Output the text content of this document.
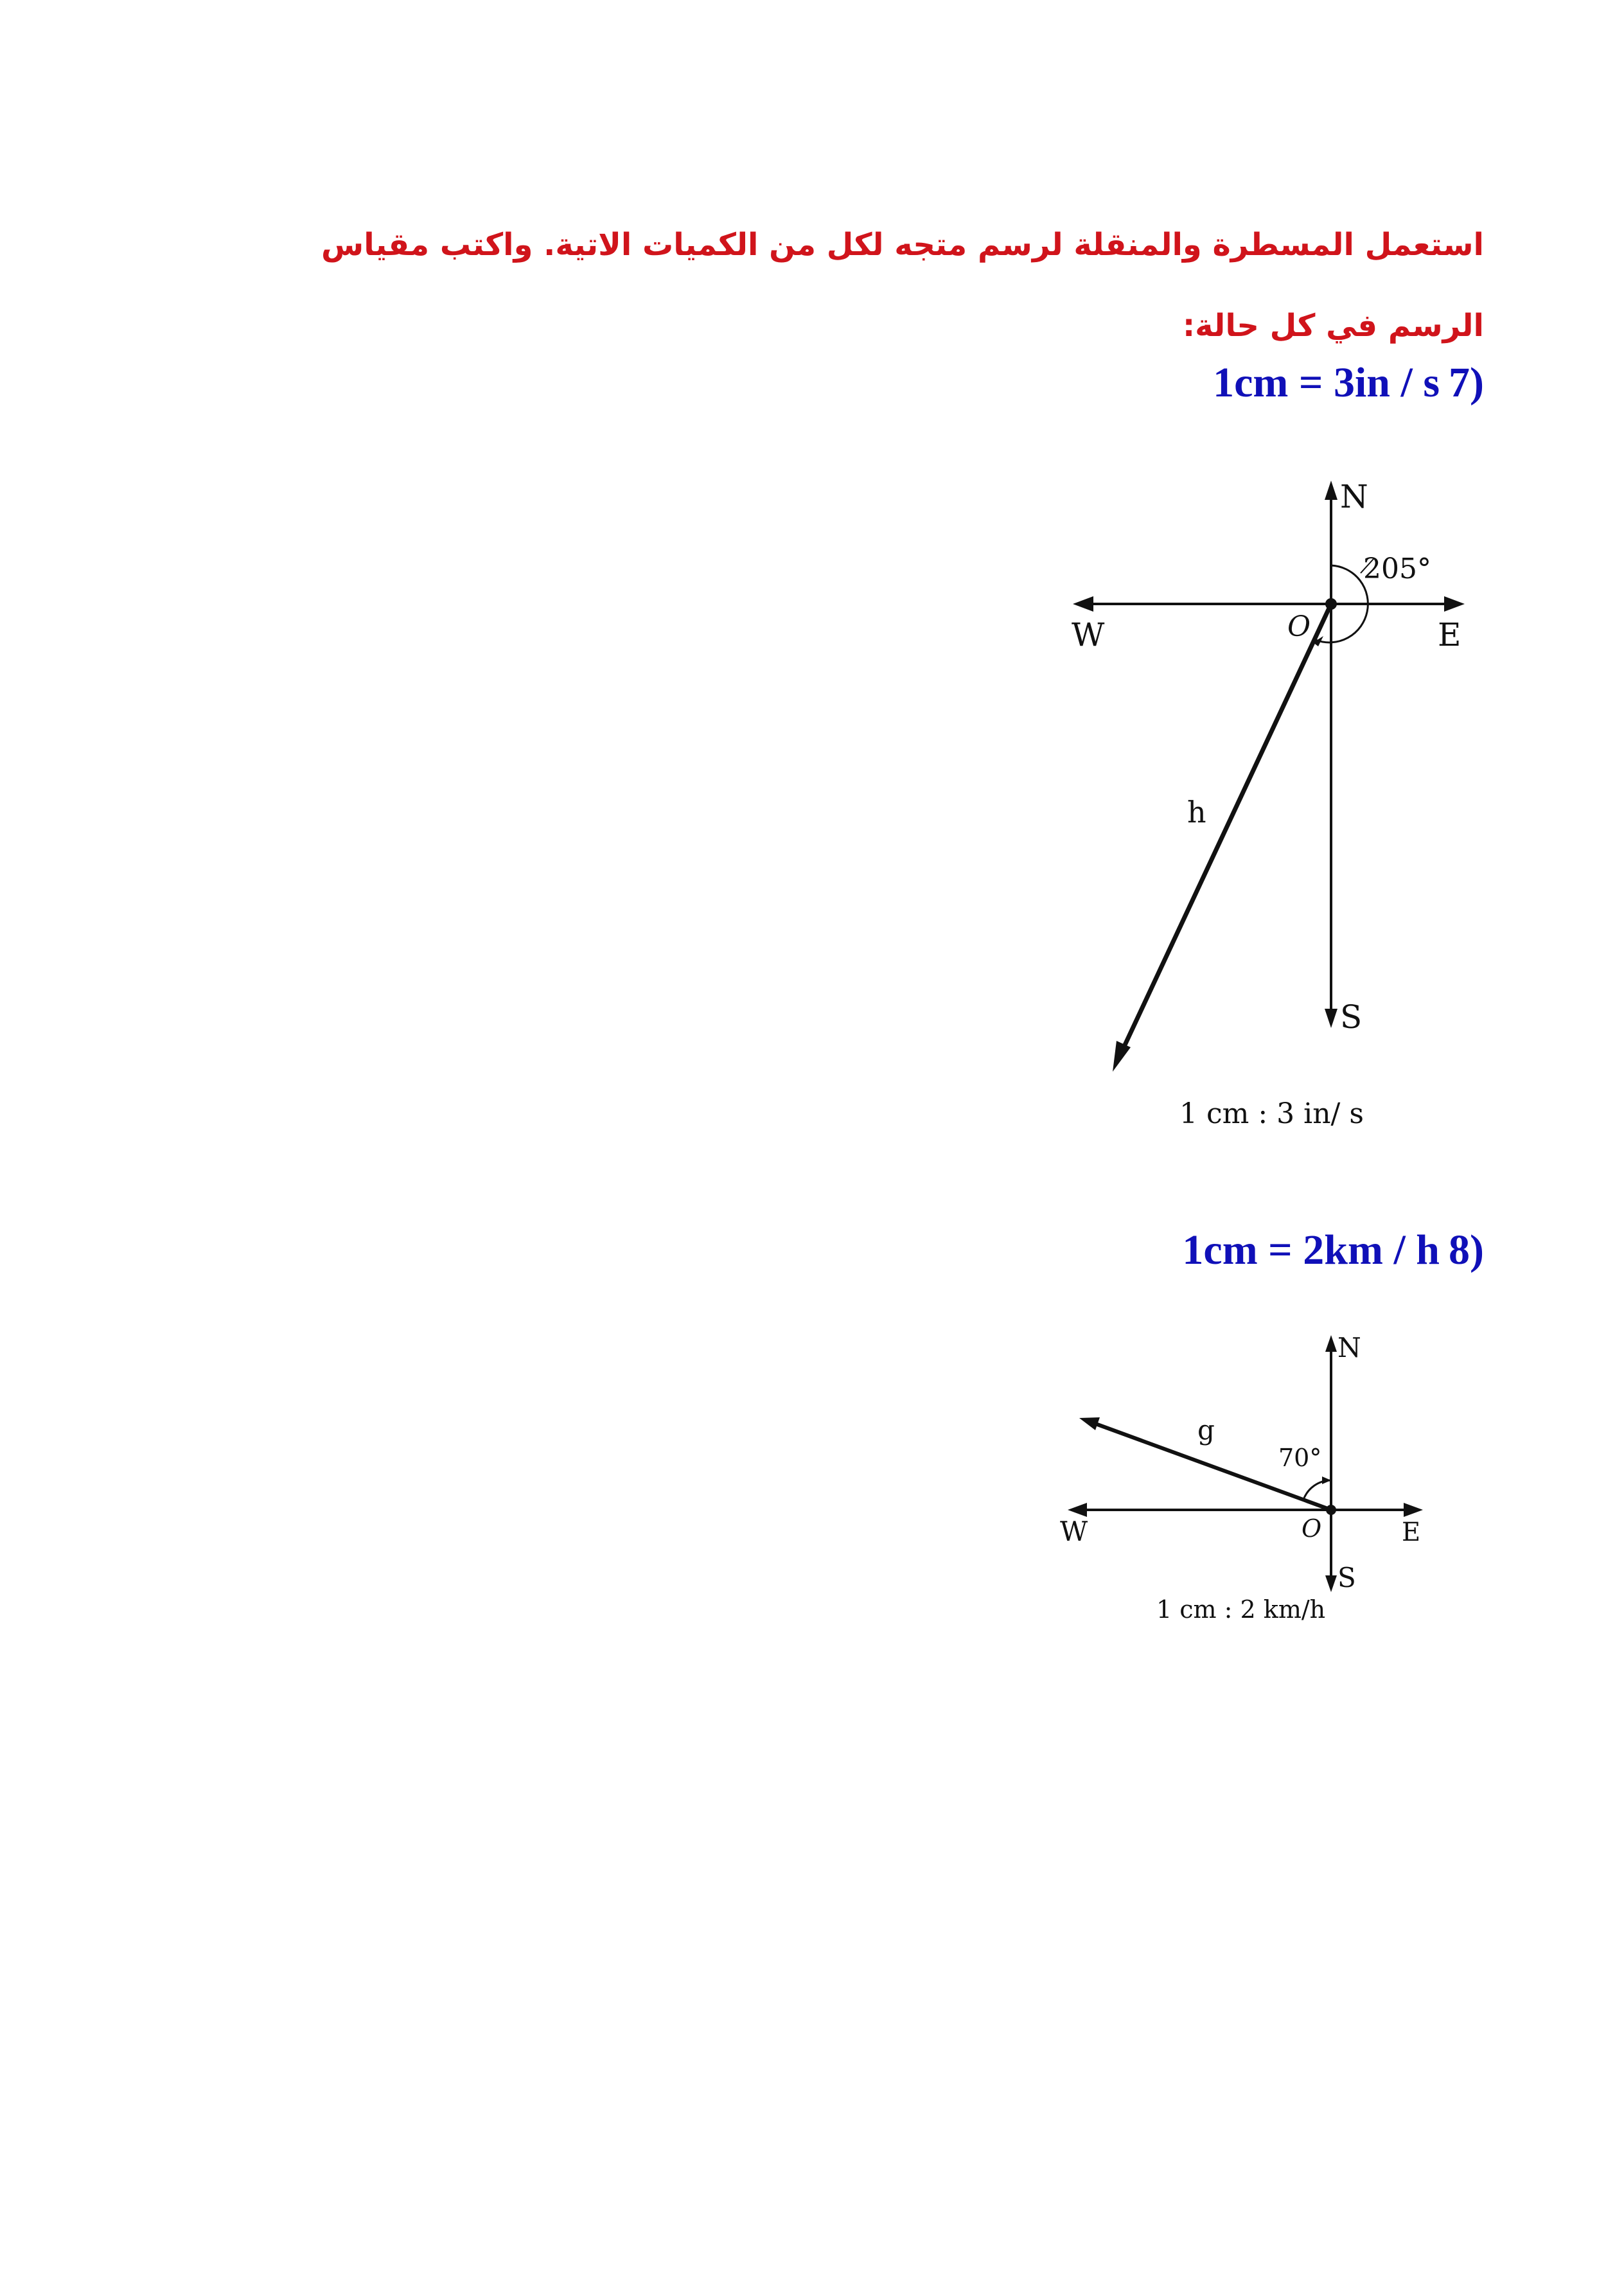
استعمل المسطرة والمنقلة لرسم متجه لكل من الكميات الاتية. واكتب مقياس الرسم في كل حالة:

(71cm = 3in / s

N
S
E
W	O
h
205°
1 cm : 3 in/ s

(81cm = 2km / h

N
S
E
W	O
g
70°
1 cm : 2 km/h
